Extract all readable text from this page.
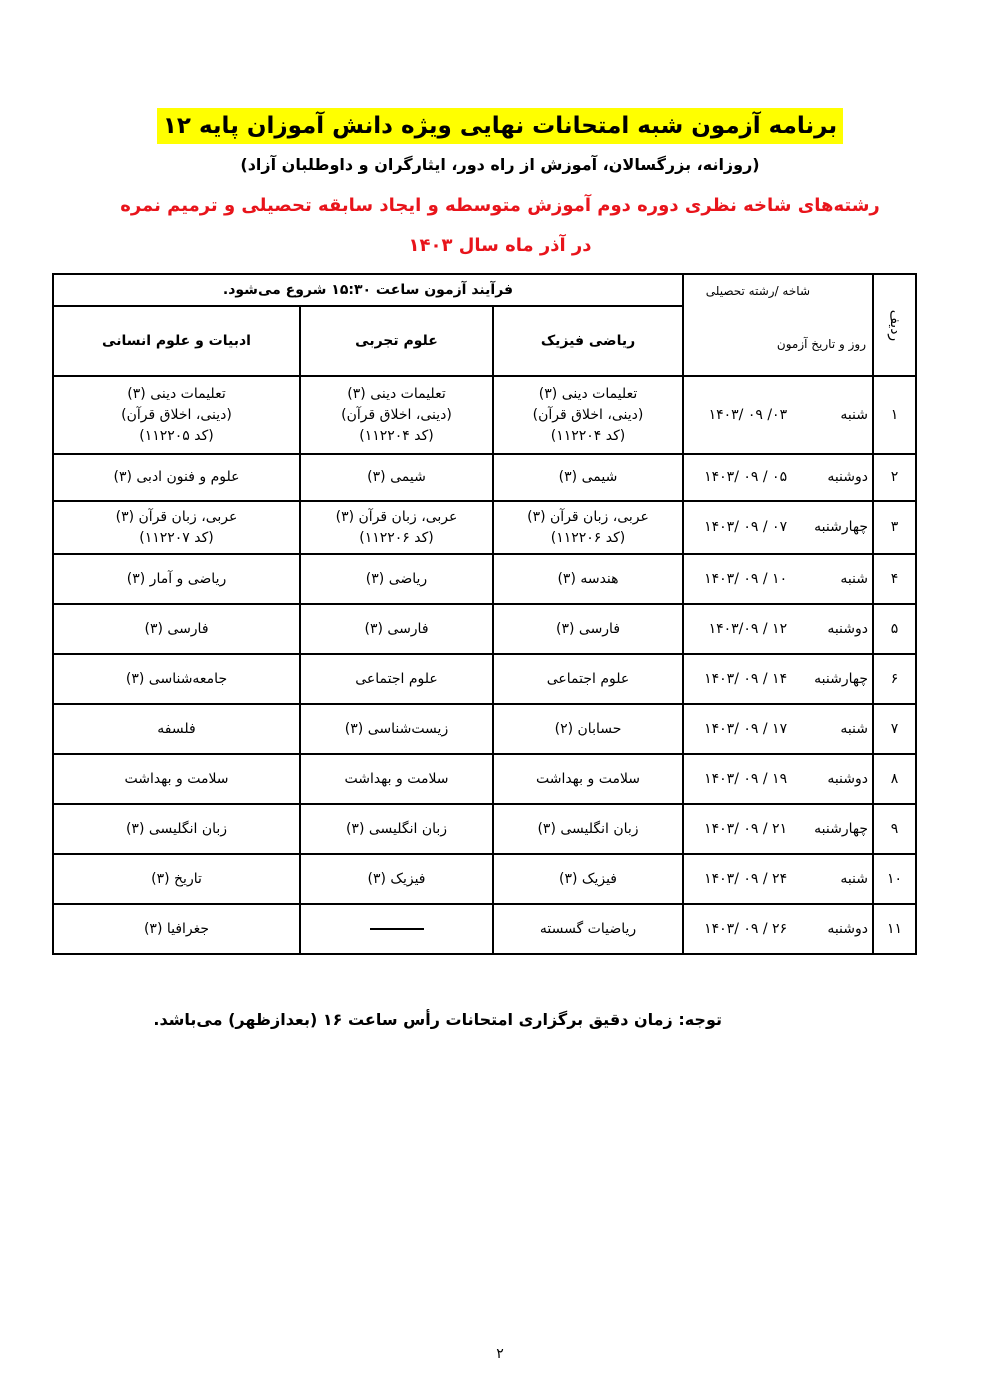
برنامه آزمون شبه امتحانات نهایی ویژه دانش آموزان پایه ۱۲
(روزانه، بزرگسالان، آموزش از راه دور، ایثارگران و داوطلبان آزاد)
رشته‌های شاخه نظری دوره دوم آموزش متوسطه و ایجاد سابقه تحصیلی و ترمیم نمره
در آذر ماه سال ۱۴۰۳
ردیف	شاخه /رشته تحصیلی
روز و تاریخ آزمون	فرآیند آزمون ساعت ۱۵:۳۰ شروع می‌شود.		
		ریاضی فیزیک	علوم تجربی	ادبیات و علوم انسانی
۱	شنبه  ۰۳/ ۰۹ /۱۴۰۳	تعلیمات دینی (۳)
(دینی، اخلاق قرآن)
(کد ۱۱۲۲۰۴)	تعلیمات دینی (۳)
(دینی، اخلاق قرآن)
(کد ۱۱۲۲۰۴)	تعلیمات دینی (۳)
(دینی، اخلاق قرآن)
(کد ۱۱۲۲۰۵)
۲	دوشنبه  ۰۵ / ۰۹ /۱۴۰۳	شیمی (۳)	شیمی (۳)	علوم و فنون ادبی (۳)
۳	چهارشنبه  ۰۷ / ۰۹ /۱۴۰۳	عربی، زبان قرآن (۳)
(کد ۱۱۲۲۰۶)	عربی، زبان قرآن (۳)
(کد ۱۱۲۲۰۶)	عربی، زبان قرآن (۳)
(کد ۱۱۲۲۰۷)
۴	شنبه  ۱۰ / ۰۹ /۱۴۰۳	هندسه (۳)	ریاضی (۳)	ریاضی و آمار (۳)
۵	دوشنبه  ۱۲ / ۱۴۰۳/۰۹	فارسی (۳)	فارسی (۳)	فارسی (۳)
۶	چهارشنبه  ۱۴ / ۰۹ /۱۴۰۳	علوم اجتماعی	علوم اجتماعی	جامعه‌شناسی (۳)
۷	شنبه  ۱۷ / ۰۹ /۱۴۰۳	حسابان (۲)	زیست‌شناسی (۳)	فلسفه
۸	دوشنبه  ۱۹ / ۰۹ /۱۴۰۳	سلامت و بهداشت	سلامت و بهداشت	سلامت و بهداشت
۹	چهارشنبه  ۲۱ / ۰۹ /۱۴۰۳	زبان انگلیسی (۳)	زبان انگلیسی (۳)	زبان انگلیسی (۳)
۱۰	شنبه  ۲۴ / ۰۹ /۱۴۰۳	فیزیک (۳)	فیزیک (۳)	تاریخ (۳)
۱۱	دوشنبه  ۲۶ / ۰۹ /۱۴۰۳	ریاضیات گسسته		جغرافیا (۳)
توجه: زمان دقیق برگزاری امتحانات رأس ساعت ۱۶ (بعدازظهر) می‌باشد.
۲
